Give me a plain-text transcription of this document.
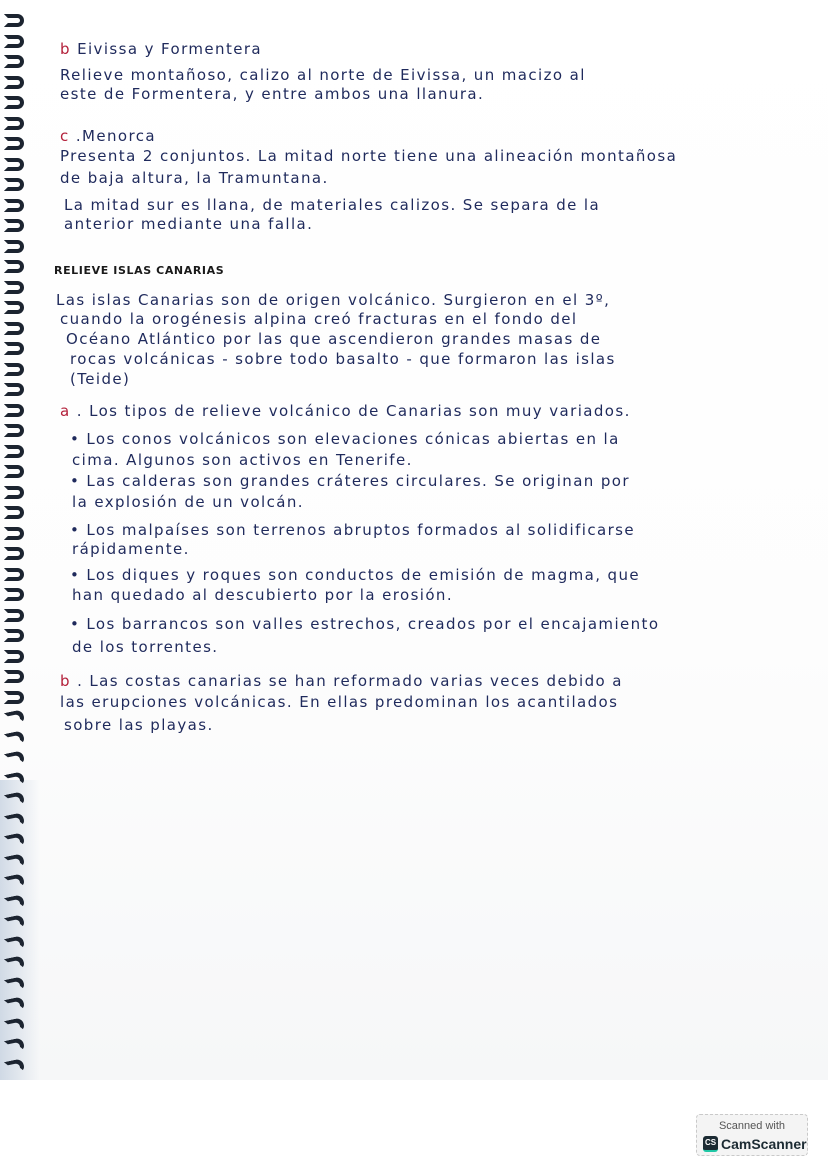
b Eivissa y Formentera
Relieve montañoso, calizo al norte de Eivissa, un macizo al
este de Formentera, y entre ambos una llanura.
c .Menorca
Presenta 2 conjuntos. La mitad norte tiene una alineación montañosa
de baja altura, la Tramuntana.
La mitad sur es llana, de materiales calizos. Se separa de la
anterior mediante una falla.
RELIEVE ISLAS CANARIAS
Las islas Canarias son de origen volcánico. Surgieron en el 3º,
cuando la orogénesis alpina creó fracturas en el fondo del
Océano Atlántico por las que ascendieron grandes masas de
rocas volcánicas - sobre todo basalto - que formaron las islas
(Teide)
a . Los tipos de relieve volcánico de Canarias son muy variados.
• Los conos volcánicos son elevaciones cónicas abiertas en la
cima. Algunos son activos en Tenerife.
• Las calderas son grandes cráteres circulares. Se originan por
la explosión de un volcán.
• Los malpaíses son terrenos abruptos formados al solidificarse
rápidamente.
• Los diques y roques son conductos de emisión de magma, que
han quedado al descubierto por la erosión.
• Los barrancos son valles estrechos, creados por el encajamiento
de los torrentes.
b . Las costas canarias se han reformado varias veces debido a
las erupciones volcánicas. En ellas predominan los acantilados
sobre las playas.
Scanned with
CS CamScanner
